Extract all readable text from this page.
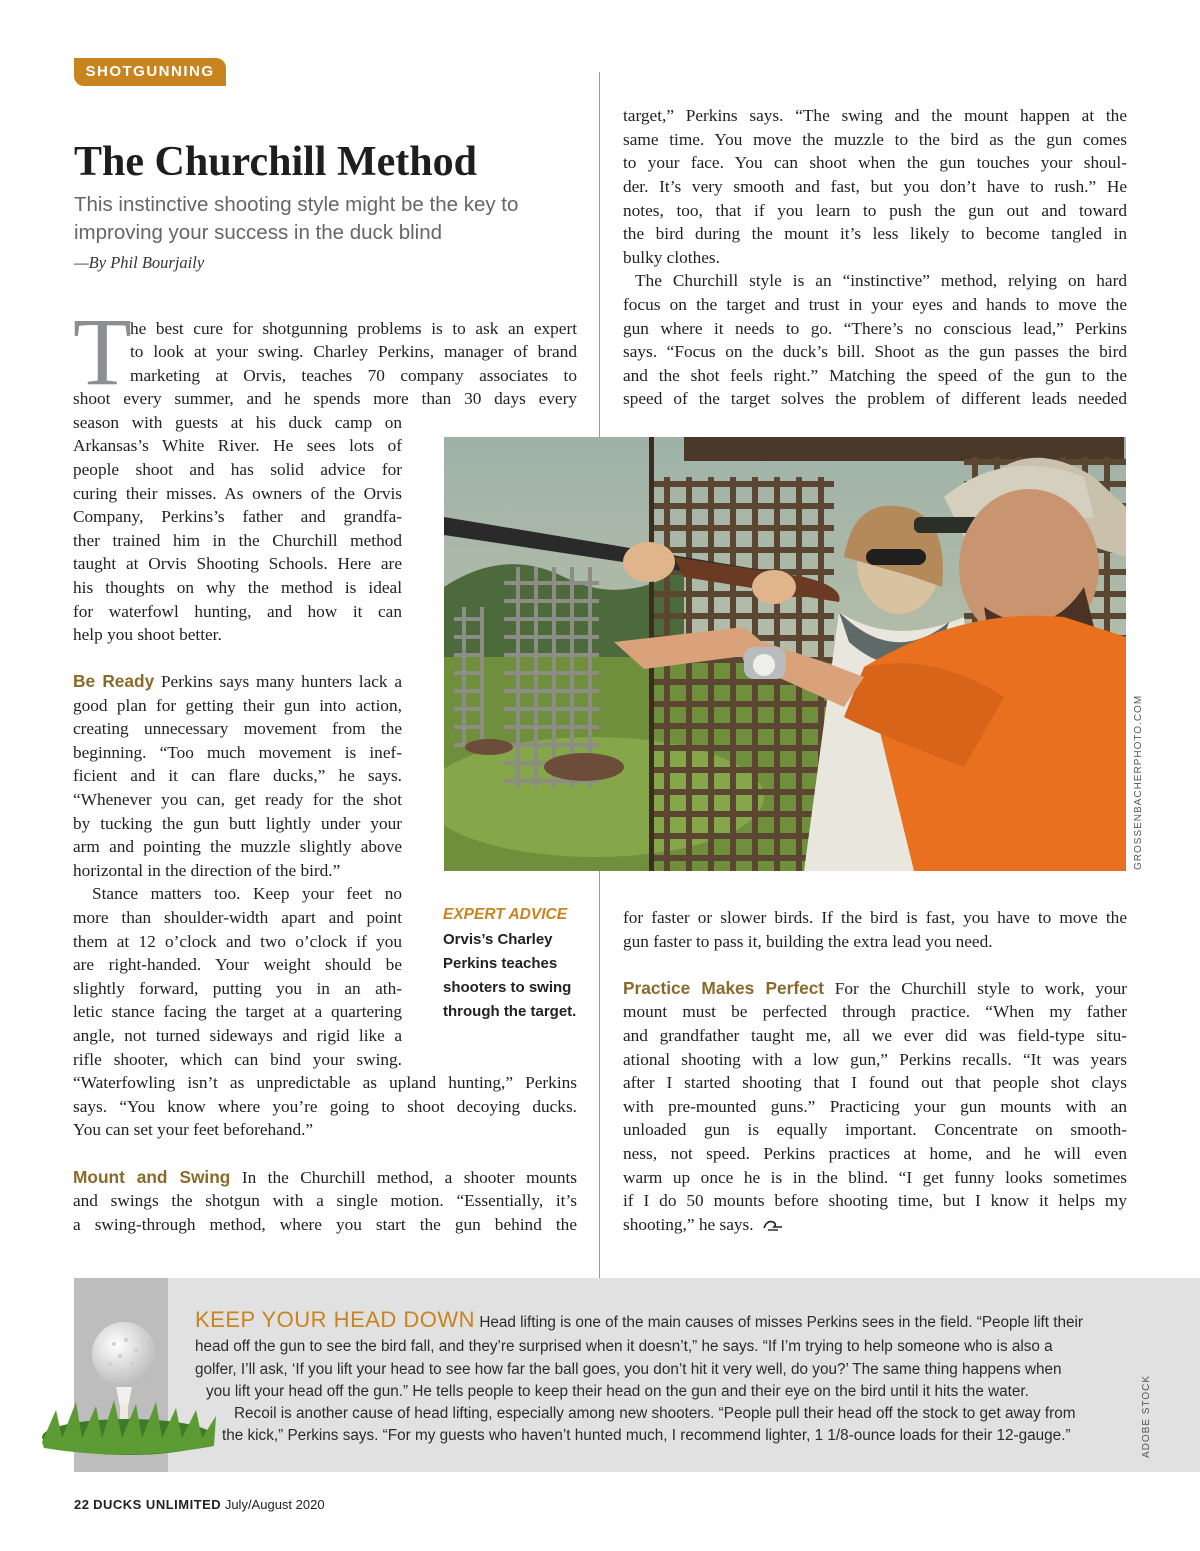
SHOTGUNNING
The Churchill Method

This instinctive shooting style might be the key to improving your success in the duck blind

—By Phil Bourjaily

T

he best cure for shotgunning problems is to ask an expert

to look at your swing. Charley Perkins, manager of brand

marketing at Orvis, teaches 70 company associates to

shoot every summer, and he spends more than 30 days every

season with guests at his duck camp on

Arkansas’s White River. He sees lots of

people shoot and has solid advice for

curing their misses. As owners of the Orvis

Company, Perkins’s father and grandfa-

ther trained him in the Churchill method

taught at Orvis Shooting Schools. Here are

his thoughts on why the method is ideal

for waterfowl hunting, and how it can

help you shoot better.

Be Ready Perkins says many hunters lack a

good plan for getting their gun into action,

creating unnecessary movement from the

beginning. “Too much movement is inef-

ficient and it can flare ducks,” he says.

“Whenever you can, get ready for the shot

by tucking the gun butt lightly under your

arm and pointing the muzzle slightly above

horizontal in the direction of the bird.”

Stance matters too. Keep your feet no

more than shoulder-width apart and point

them at 12 o’clock and two o’clock if you

are right-handed. Your weight should be

slightly forward, putting you in an ath-

letic stance facing the target at a quartering

angle, not turned sideways and rigid like a

rifle shooter, which can bind your swing.

“Waterfowling isn’t as unpredictable as upland hunting,” Perkins

says. “You know where you’re going to shoot decoying ducks.

You can set your feet beforehand.”

Mount and Swing In the Churchill method, a shooter mounts

and swings the shotgun with a single motion. “Essentially, it’s

a swing-through method, where you start the gun behind the

target,” Perkins says. “The swing and the mount happen at the

same time. You move the muzzle to the bird as the gun comes

to your face. You can shoot when the gun touches your shoul-

der. It’s very smooth and fast, but you don’t have to rush.” He

notes, too, that if you learn to push the gun out and toward

the bird during the mount it’s less likely to become tangled in

bulky clothes.

The Churchill style is an “instinctive” method, relying on hard

focus on the target and trust in your eyes and hands to move the

gun where it needs to go. “There’s no conscious lead,” Perkins

says. “Focus on the duck’s bill. Shoot as the gun passes the bird

and the shot feels right.” Matching the speed of the gun to the

speed of the target solves the problem of different leads needed

GROSSENBACHERPHOTO.COM

EXPERT ADVICE

Orvis’s Charley

Perkins teaches

shooters to swing

through the target.

for faster or slower birds. If the bird is fast, you have to move the

gun faster to pass it, building the extra lead you need.

Practice Makes Perfect For the Churchill style to work, your

mount must be perfected through practice. “When my father

and grandfather taught me, all we ever did was field-type situ-

ational shooting with a low gun,” Perkins recalls. “It was years

after I started shooting that I found out that people shot clays

with pre-mounted guns.” Practicing your gun mounts with an

unloaded gun is equally important. Concentrate on smooth-

ness, not speed. Perkins practices at home, and he will even

warm up once he is in the blind. “I get funny looks sometimes

if I do 50 mounts before shooting time, but I know it helps my

shooting,” he says.

KEEP YOUR HEAD DOWN Head lifting is one of the main causes of misses Perkins sees in the field. “People lift their

head off the gun to see the bird fall, and they’re surprised when it doesn’t,” he says. “If I’m trying to help someone who is also a

golfer, I’ll ask, ‘If you lift your head to see how far the ball goes, you don’t hit it very well, do you?’ The same thing happens when

you lift your head off the gun.” He tells people to keep their head on the gun and their eye on the bird until it hits the water.

Recoil is another cause of head lifting, especially among new shooters. “People pull their head off the stock to get away from

the kick,” Perkins says. “For my guests who haven’t hunted much, I recommend lighter, 1 1/8-ounce loads for their 12-gauge.”	ADOBE STOCK

22 DUCKS UNLIMITED July/August 2020
